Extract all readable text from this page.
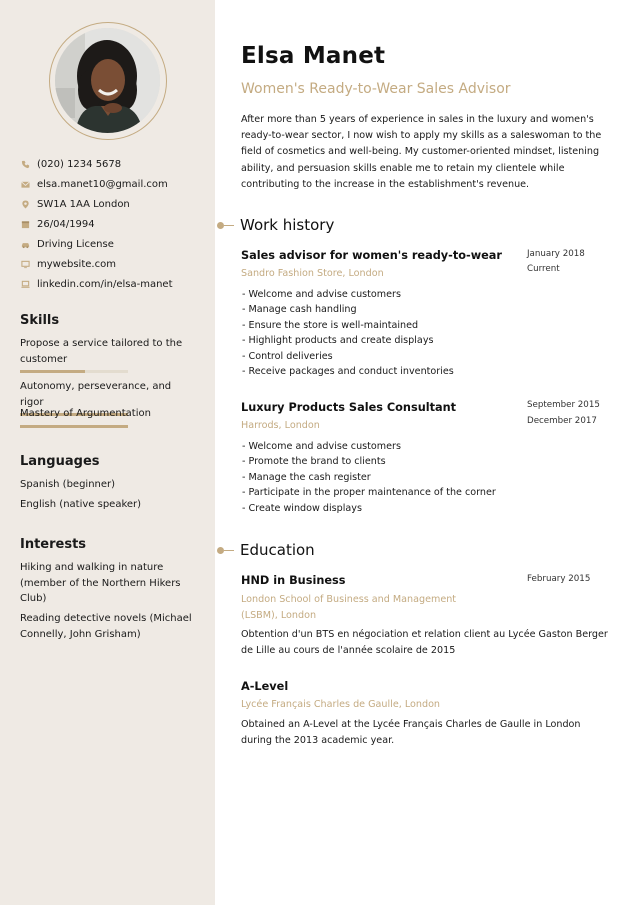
(020) 1234 5678
elsa.manet10@gmail.com
SW1A 1AA London
26/04/1994
Driving License
mywebsite.com
linkedin.com/in/elsa-manet
Skills
Propose a service tailored to the customer
Autonomy, perseverance, and rigor
Mastery of Argumentation
Languages
Spanish (beginner)
English (native speaker)
Interests
Hiking and walking in nature (member of the Northern Hikers Club)
Reading detective novels (Michael Connelly, John Grisham)
Elsa Manet
Women's Ready-to-Wear Sales Advisor
After more than 5 years of experience in sales in the luxury and women's ready-to-wear sector, I now wish to apply my skills as a saleswoman to the field of cosmetics and well-being. My customer-oriented mindset, listening ability, and persuasion skills enable me to retain my clientele while contributing to the increase in the establishment's revenue.
Work history
Sales advisor for women's ready-to-wear	January 2018
Current
Sandro Fashion Store, London
- Welcome and advise customers
- Manage cash handling
- Ensure the store is well-maintained
- Highlight products and create displays
- Control deliveries
- Receive packages and conduct inventories
Luxury Products Sales Consultant	September 2015
December 2017
Harrods, London
- Welcome and advise customers
- Promote the brand to clients
- Manage the cash register
- Participate in the proper maintenance of the corner
- Create window displays
Education
HND in Business	February 2015
London School of Business and Management
(LSBM), London
Obtention d'un BTS en négociation et relation client au Lycée Gaston Berger de Lille au cours de l'année scolaire de 2015
A-Level
Lycée Français Charles de Gaulle, London
Obtained an A-Level at the Lycée Français Charles de Gaulle in London during the 2013 academic year.
